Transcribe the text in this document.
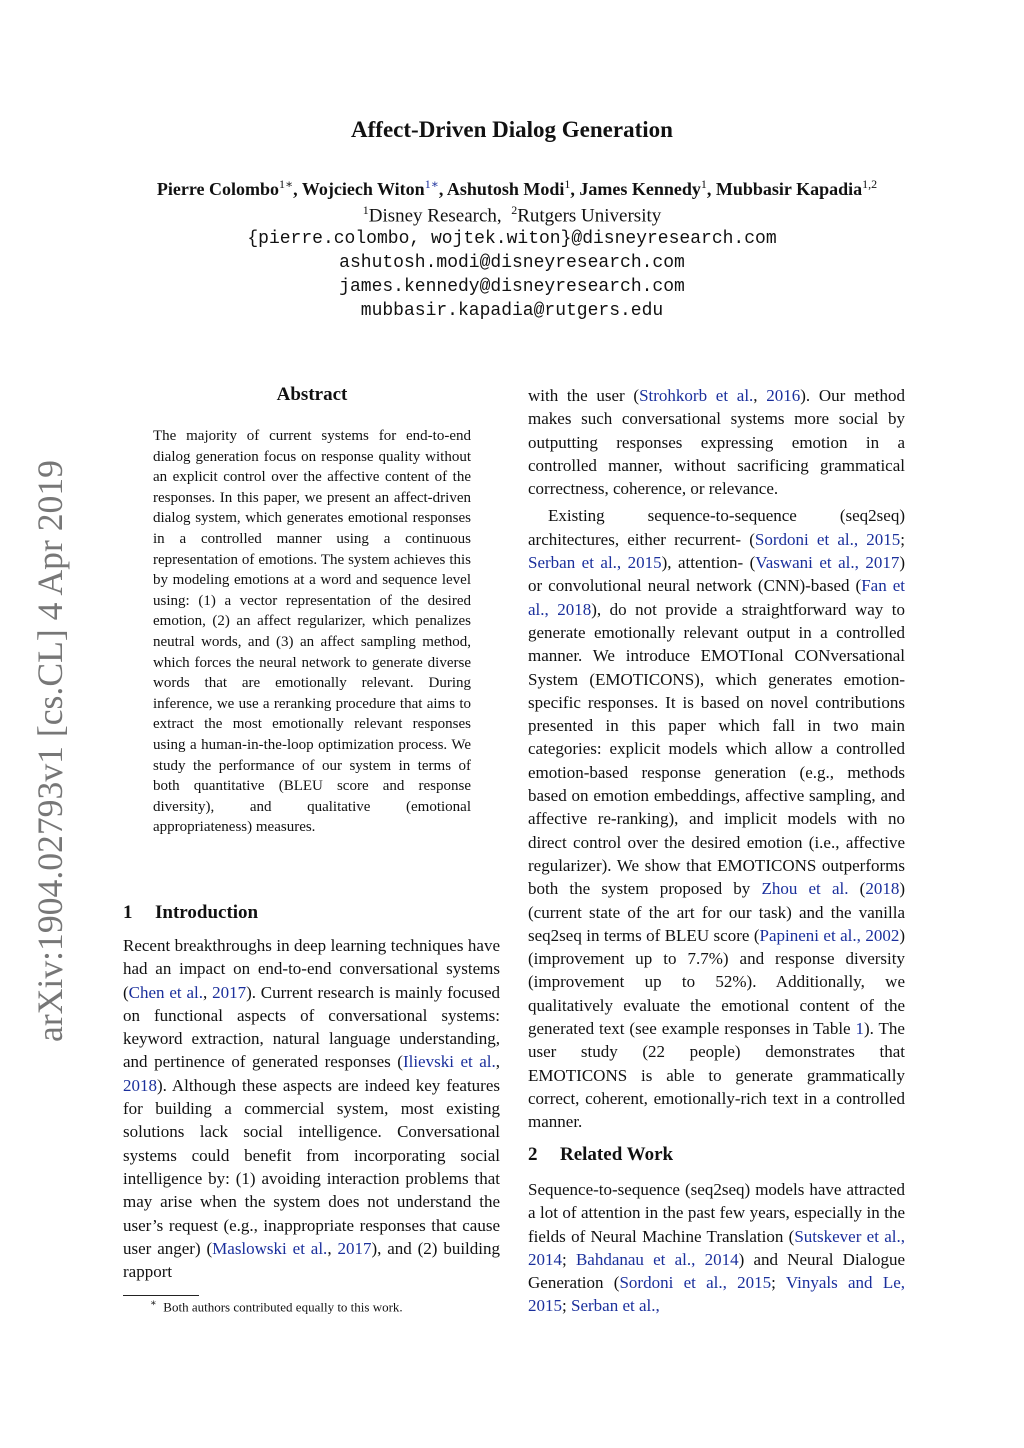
arXiv:1904.02793v1 [cs.CL] 4 Apr 2019
Affect-Driven Dialog Generation
Pierre Colombo$^{1∗}$, Wojciech Witon$^{1∗}$, Ashutosh Modi$^1$, James Kennedy$^1$, Mubbasir Kapadia$^{1,2}$
$^1$Disney Research, $^2$Rutgers University
{pierre.colombo, wojtek.witon}@disneyresearch.com
ashutosh.modi@disneyresearch.com
james.kennedy@disneyresearch.com
mubbasir.kapadia@rutgers.edu
Abstract
The majority of current systems for end-to-end dialog generation focus on response quality without an explicit control over the affective content of the responses. In this paper, we present an affect-driven dialog system, which generates emotional responses in a controlled manner using a continuous representation of emotions. The system achieves this by modeling emotions at a word and sequence level using: (1) a vector representation of the desired emotion, (2) an affect regularizer, which penalizes neutral words, and (3) an affect sampling method, which forces the neural network to generate diverse words that are emotionally relevant. During inference, we use a reranking procedure that aims to extract the most emotionally relevant responses using a human-in-the-loop optimization process. We study the performance of our system in terms of both quantitative (BLEU score and response diversity), and qualitative (emotional appropriateness) measures.
1 Introduction

Recent breakthroughs in deep learning techniques have had an impact on end-to-end conversational systems (Chen et al., 2017). Current research is mainly focused on functional aspects of conversational systems: keyword extraction, natural language understanding, and pertinence of generated responses (Ilievski et al., 2018). Although these aspects are indeed key features for building a commercial system, most existing solutions lack social intelligence. Conversational systems could benefit from incorporating social intelligence by: (1) avoiding interaction problems that may arise when the system does not understand the user’s request (e.g., inappropriate responses that cause user anger) (Maslowski et al., 2017), and (2) building rapport

∗ Both authors contributed equally to this work.

with the user (Strohkorb et al., 2016). Our method makes such conversational systems more social by outputting responses expressing emotion in a controlled manner, without sacrificing grammatical correctness, coherence, or relevance.

Existing sequence-to-sequence (seq2seq) architectures, either recurrent- (Sordoni et al., 2015; Serban et al., 2015), attention- (Vaswani et al., 2017) or convolutional neural network (CNN)-based (Fan et al., 2018), do not provide a straightforward way to generate emotionally relevant output in a controlled manner. We introduce EMOTIonal CONversational System (EMOTICONS), which generates emotion-specific responses. It is based on novel contributions presented in this paper which fall in two main categories: explicit models which allow a controlled emotion-based response generation (e.g., methods based on emotion embeddings, affective sampling, and affective re-ranking), and implicit models with no direct control over the desired emotion (i.e., affective regularizer). We show that EMOTICONS outperforms both the system proposed by Zhou et al. (2018) (current state of the art for our task) and the vanilla seq2seq in terms of BLEU score (Papineni et al., 2002) (improvement up to 7.7%) and response diversity (improvement up to 52%). Additionally, we qualitatively evaluate the emotional content of the generated text (see example responses in Table 1). The user study (22 people) demonstrates that EMOTICONS is able to generate grammatically correct, coherent, emotionally-rich text in a controlled manner.

2 Related Work

Sequence-to-sequence (seq2seq) models have attracted a lot of attention in the past few years, especially in the fields of Neural Machine Translation (Sutskever et al., 2014; Bahdanau et al., 2014) and Neural Dialogue Generation (Sordoni et al., 2015; Vinyals and Le, 2015; Serban et al.,
